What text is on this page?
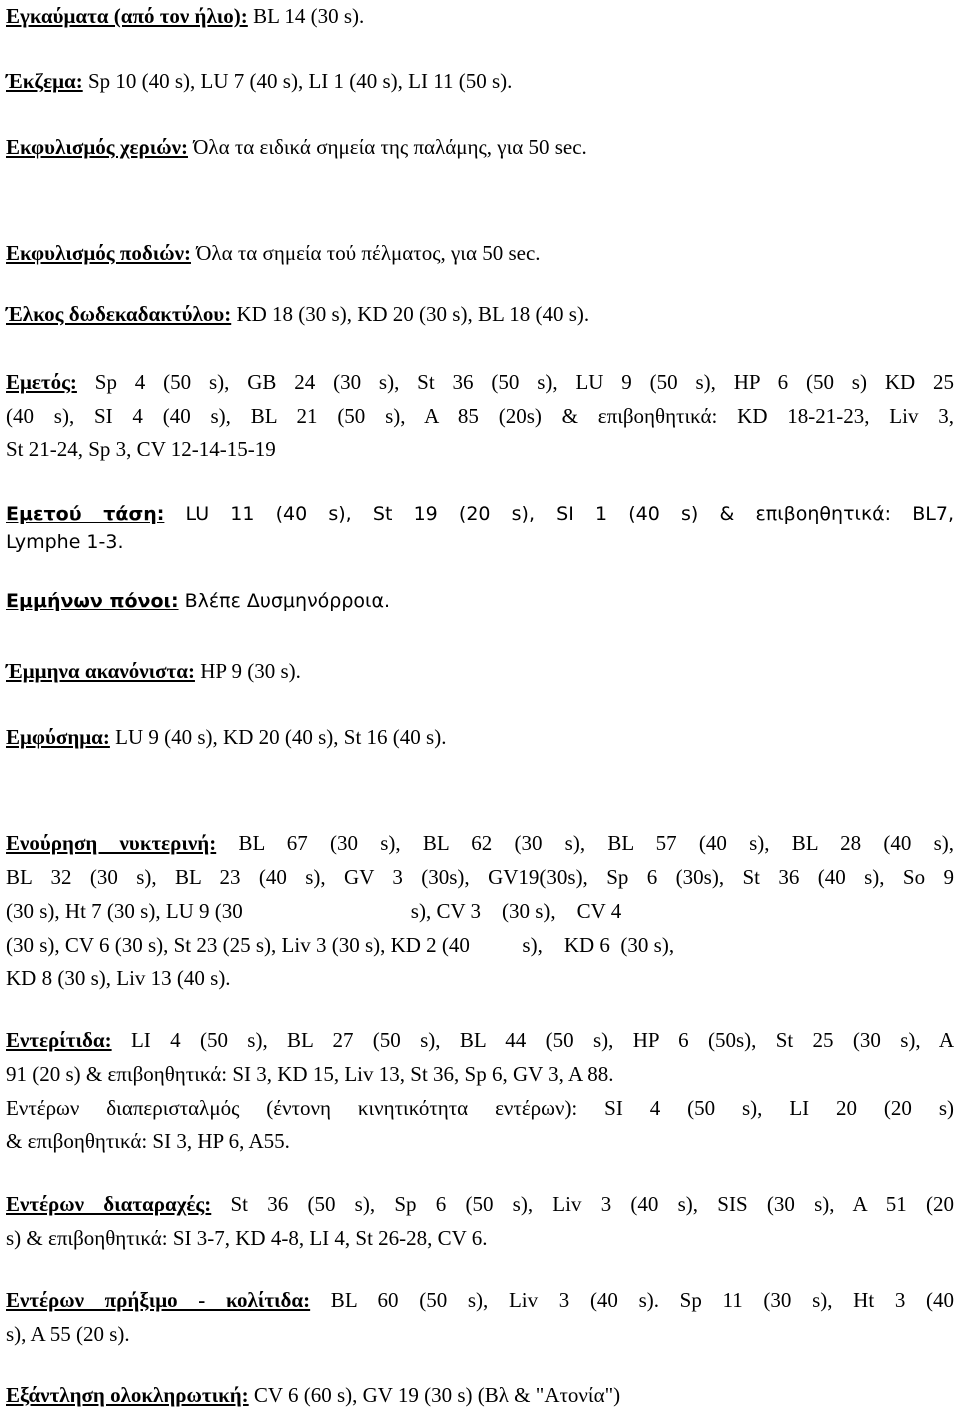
Εγκαύματα (από τον ήλιο): BL 14 (30 s).
Έκζεμα: Sp 10 (40 s), LU 7 (40 s), LI 1 (40 s), LI 11 (50 s).
Εκφυλισμός χεριών: Όλα τα ειδικά σημεία της παλάμης, για 50 sec.
Εκφυλισμός ποδιών: Όλα τα σημεία τού πέλματος, για 50 sec.
Έλκος δωδεκαδακτύλου: KD 18 (30 s), KD 20 (30 s), BL 18 (40 s).
Εμετός: Sp 4 (50 s), GB 24 (30 s), St 36 (50 s), LU 9 (50 s), HP 6 (50 s) KD 25
(40 s), SI 4 (40 s), BL 21 (50 s), A 85 (20s) & επιβοηθητικά: KD 18-21-23, Liv 3,
St 21-24, Sp 3, CV 12-14-15-19
Εμετού τάση: LU 11 (40 s), St 19 (20 s), SI 1 (40 s) & επιβοηθητικά: BL7,
Lymphe 1-3.
Εμμήνων πόνοι: Βλέπε Δυσμηνόρροια.
Έμμηνα ακανόνιστα: HP 9 (30 s).
Εμφύσημα: LU 9 (40 s), KD 20 (40 s), St 16 (40 s).
Ενούρηση νυκτερινή: BL 67 (30 s), BL 62 (30 s), BL 57 (40 s), BL 28 (40 s),
BL 32 (30 s), BL 23 (40 s), GV 3 (30s), GV19(30s), Sp 6 (30s), St 36 (40 s), So 9
(30 s), Ht 7 (30 s), LU 9 (30                                s), CV 3    (30 s),    CV 4
(30 s), CV 6 (30 s), St 23 (25 s), Liv 3 (30 s), KD 2 (40          s),    KD 6  (30 s),
KD 8 (30 s), Liv 13 (40 s).
Εντερίτιδα: LI 4 (50 s), BL 27 (50 s), BL 44 (50 s), HP 6 (50s), St 25 (30 s), A
91 (20 s) & επιβοηθητικά: SI 3, KD 15, Liv 13, St 36, Sp 6, GV 3, A 88.
Εντέρων διαπερισταλμός (έντονη κινητικότητα εντέρων): SI 4 (50 s), LI 20 (20 s)
& επιβοηθητικά: SI 3, HP 6, A55.
Εντέρων διαταραχές: St 36 (50 s), Sp 6 (50 s), Liv 3 (40 s), SIS (30 s), A 51 (20
s) & επιβοηθητικά: SI 3-7, KD 4-8, LI 4, St 26-28, CV 6.
Εντέρων πρήξιμο - κολίτιδα: BL 60 (50 s), Liv 3 (40 s). Sp 11 (30 s), Ht 3 (40
s), A 55 (20 s).
Εξάντληση ολοκληρωτική: CV 6 (60 s), GV 19 (30 s) (Βλ & "Ατονία")
